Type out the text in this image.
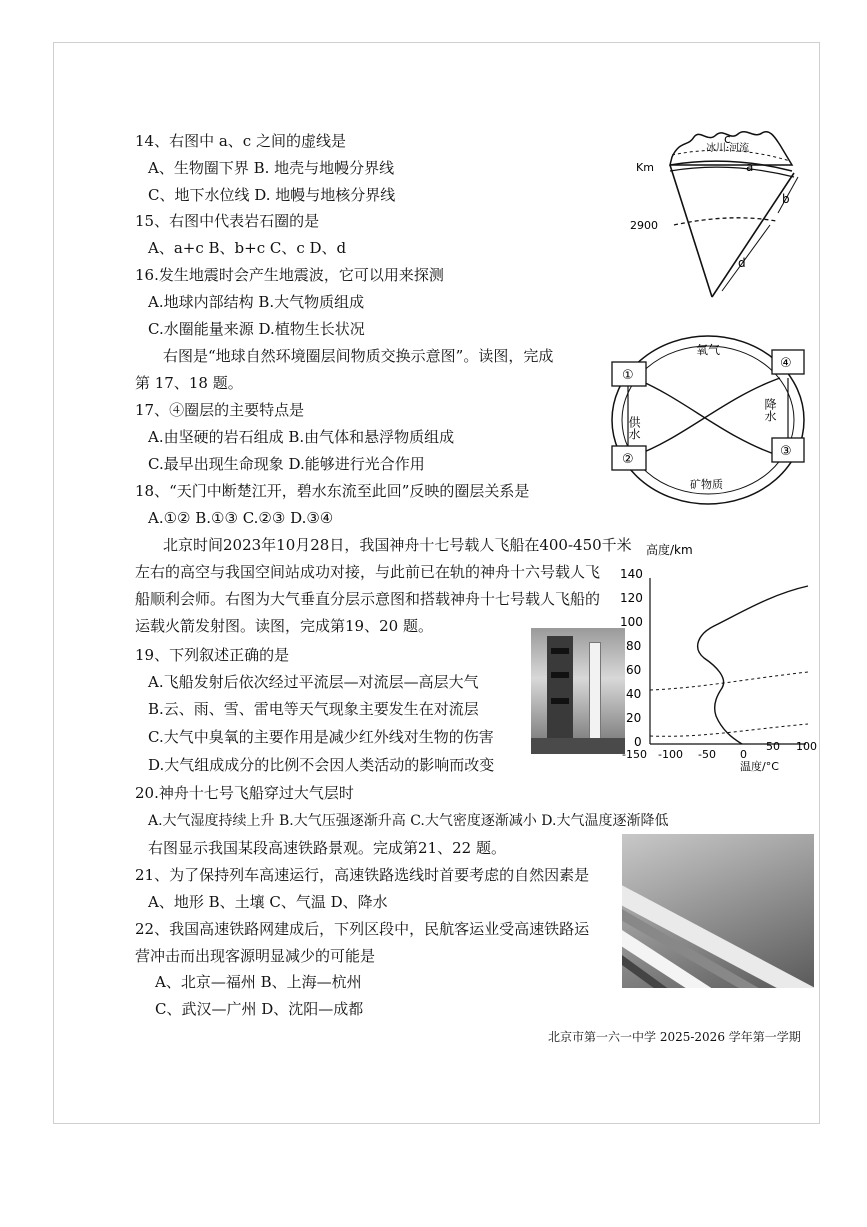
14、右图中 a、c 之间的虚线是
A、生物圈下界 B. 地壳与地幔分界线
C、地下水位线 D. 地幔与地核分界线
15、右图中代表岩石圈的是
A、a+c B、b+c C、c D、d
16.发生地震时会产生地震波，它可以用来探测
A.地球内部结构 B.大气物质组成
C.水圈能量来源 D.植物生长状况
右图是“地球自然环境圈层间物质交换示意图”。读图，完成
第 17、18 题。
17、④圈层的主要特点是
A.由坚硬的岩石组成 B.由气体和悬浮物质组成
C.最早出现生命现象 D.能够进行光合作用
18、“天门中断楚江开，碧水东流至此回”反映的圈层关系是
A.①② B.①③ C.②③ D.③④
北京时间2023年10月28日，我国神舟十七号载人飞船在400-450千米
左右的高空与我国空间站成功对接，与此前已在轨的神舟十六号载人飞
船顺利会师。右图为大气垂直分层示意图和搭载神舟十七号载人飞船的
运载火箭发射图。读图，完成第19、20 题。
19、下列叙述正确的是
A.飞船发射后依次经过平流层—对流层—高层大气
B.云、雨、雪、雷电等天气现象主要发生在对流层
C.大气中臭氧的主要作用是减少红外线对生物的伤害
D.大气组成成分的比例不会因人类活动的影响而改变
20.神舟十七号飞船穿过大气层时
A.大气湿度持续上升 B.大气压强逐渐升高 C.大气密度逐渐减小 D.大气温度逐渐降低
右图显示我国某段高速铁路景观。完成第21、22 题。
21、为了保持列车高速运行，高速铁路选线时首要考虑的自然因素是
A、地形 B、土壤 C、气温 D、降水
22、我国高速铁路网建成后，下列区段中，民航客运业受高速铁路运
营冲击而出现客源明显减少的可能是
A、北京—福州 B、上海—杭州
C、武汉—广州 D、沈阳—成都
北京市第一六一中学 2025-2026 学年第一学期
Km
2900
冰川·河流
a
b
c
d
①
④
②
③
氧气
供水
降水
矿物质
高度/km
温度/°C
140
120
100
80
60
40
20
0
-150 -100 -50 0
50 100
